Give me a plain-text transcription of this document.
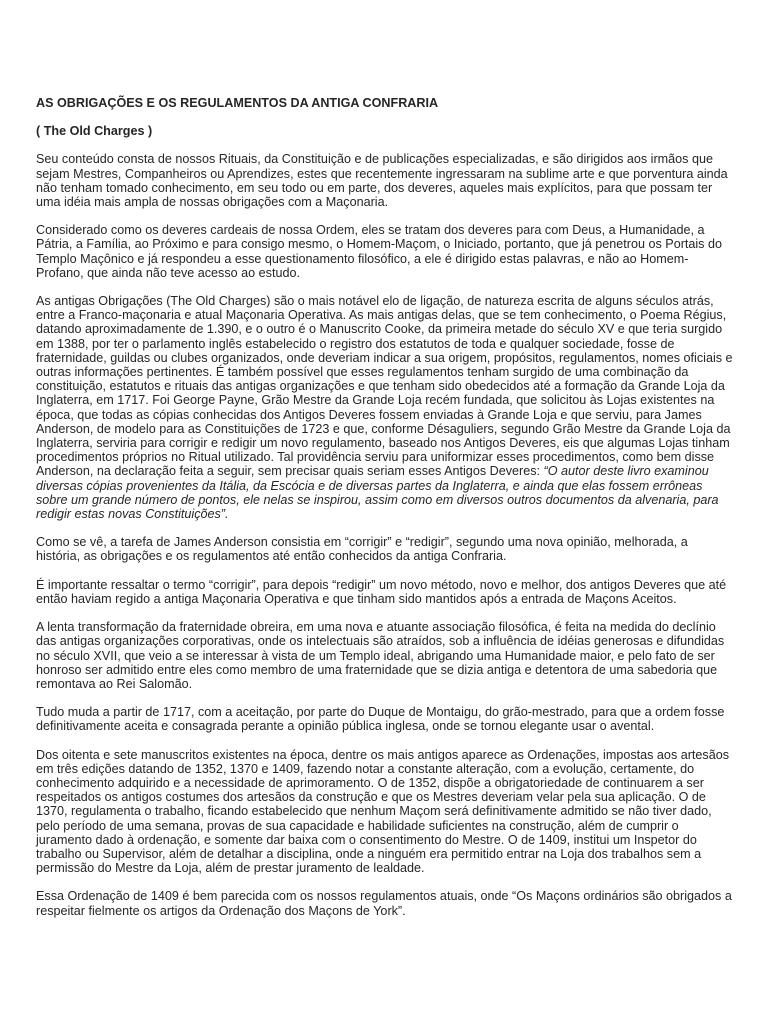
AS OBRIGAÇÕES E OS REGULAMENTOS DA ANTIGA CONFRARIA
( The Old Charges )

Seu conteúdo consta de nossos Rituais, da Constituição e de publicações especializadas, e são dirigidos aos irmãos que sejam Mestres, Companheiros ou Aprendizes, estes que recentemente ingressaram na sublime arte e que porventura ainda não tenham tomado conhecimento, em seu todo ou em parte, dos deveres, aqueles mais explícitos, para que possam ter uma idéia mais ampla de nossas obrigações com a Maçonaria.

Considerado como os deveres cardeais de nossa Ordem, eles se tratam dos deveres para com Deus, a Humanidade, a Pátria, a Família, ao Próximo e para consigo mesmo, o Homem-Maçom, o Iniciado, portanto, que já penetrou os Portais do Templo Maçônico e já respondeu a esse questionamento filosófico, a ele é dirigido estas palavras, e não ao Homem-Profano, que ainda não teve acesso ao estudo.

As antigas Obrigações (The Old Charges) são o mais notável elo de ligação, de natureza escrita de alguns séculos atrás, entre a Franco-maçonaria e atual Maçonaria Operativa. As mais antigas delas, que se tem conhecimento, o Poema Régius, datando aproximadamente de 1.390, e o outro é o Manuscrito Cooke, da primeira metade do século XV e que teria surgido em 1388, por ter o parlamento inglês estabelecido o registro dos estatutos de toda e qualquer sociedade, fosse de fraternidade, guildas ou clubes organizados, onde deveriam indicar a sua origem, propósitos, regulamentos, nomes oficiais e outras informações pertinentes. É também possível que esses regulamentos tenham surgido de uma combinação da constituição, estatutos e rituais das antigas organizações e que tenham sido obedecidos até a formação da Grande Loja da Inglaterra, em 1717. Foi George Payne, Grão Mestre da Grande Loja recém fundada, que solicitou às Lojas existentes na época, que todas as cópias conhecidas dos Antigos Deveres fossem enviadas à Grande Loja e que serviu, para James Anderson, de modelo para as Constituições de 1723 e que, conforme Désaguliers, segundo Grão Mestre da Grande Loja da Inglaterra, serviria para corrigir e redigir um novo regulamento, baseado nos Antigos Deveres, eis que algumas Lojas tinham procedimentos próprios no Ritual utilizado. Tal providência serviu para uniformizar esses procedimentos, como bem disse Anderson, na declaração feita a seguir, sem precisar quais seriam esses Antigos Deveres: “O autor deste livro examinou diversas cópias provenientes da Itália, da Escócia e de diversas partes da Inglaterra, e ainda que elas fossem errôneas sobre um grande número de pontos, ele nelas se inspirou, assim como em diversos outros documentos da alvenaria, para redigir estas novas Constituições”.

Como se vê, a tarefa de James Anderson consistia em “corrigir” e “redigir”, segundo uma nova opinião, melhorada, a história, as obrigações e os regulamentos até então conhecidos da antiga Confraria.

É importante ressaltar o termo “corrigir”, para depois “redigir” um novo método, novo e melhor, dos antigos Deveres que até então haviam regido a antiga Maçonaria Operativa e que tinham sido mantidos após a entrada de Maçons Aceitos.

A lenta transformação da fraternidade obreira, em uma nova e atuante associação filosófica, é feita na medida do declínio das antigas organizações corporativas, onde os intelectuais são atraídos, sob a influência de idéias generosas e difundidas no século XVII, que veio a se interessar à vista de um Templo ideal, abrigando uma Humanidade maior, e pelo fato de ser honroso ser admitido entre eles como membro de uma fraternidade que se dizia antiga e detentora de uma sabedoria que remontava ao Rei Salomão.

Tudo muda a partir de 1717, com a aceitação, por parte do Duque de Montaigu, do grão-mestrado, para que a ordem fosse definitivamente aceita e consagrada perante a opinião pública inglesa, onde se tornou elegante usar o avental.

Dos oitenta e sete manuscritos existentes na época, dentre os mais antigos aparece as Ordenações, impostas aos artesãos em três edições datando de 1352, 1370 e 1409, fazendo notar a constante alteração, com a evolução, certamente, do conhecimento adquirido e a necessidade de aprimoramento. O de 1352, dispõe a obrigatoriedade de continuarem a ser respeitados os antigos costumes dos artesãos da construção e que os Mestres deveriam velar pela sua aplicação. O de 1370, regulamenta o trabalho, ficando estabelecido que nenhum Maçom será definitivamente admitido se não tiver dado, pelo período de uma semana, provas de sua capacidade e habilidade suficientes na construção, além de cumprir o juramento dado à ordenação, e somente dar baixa com o consentimento do Mestre. O de 1409, institui um Inspetor do trabalho ou Supervisor, além de detalhar a disciplina, onde a ninguém era permitido entrar na Loja dos trabalhos sem a permissão do Mestre da Loja, além de prestar juramento de lealdade.

Essa Ordenação de 1409 é bem parecida com os nossos regulamentos atuais, onde “Os Maçons ordinários são obrigados a respeitar fielmente os artigos da Ordenação dos Maçons de York”.
